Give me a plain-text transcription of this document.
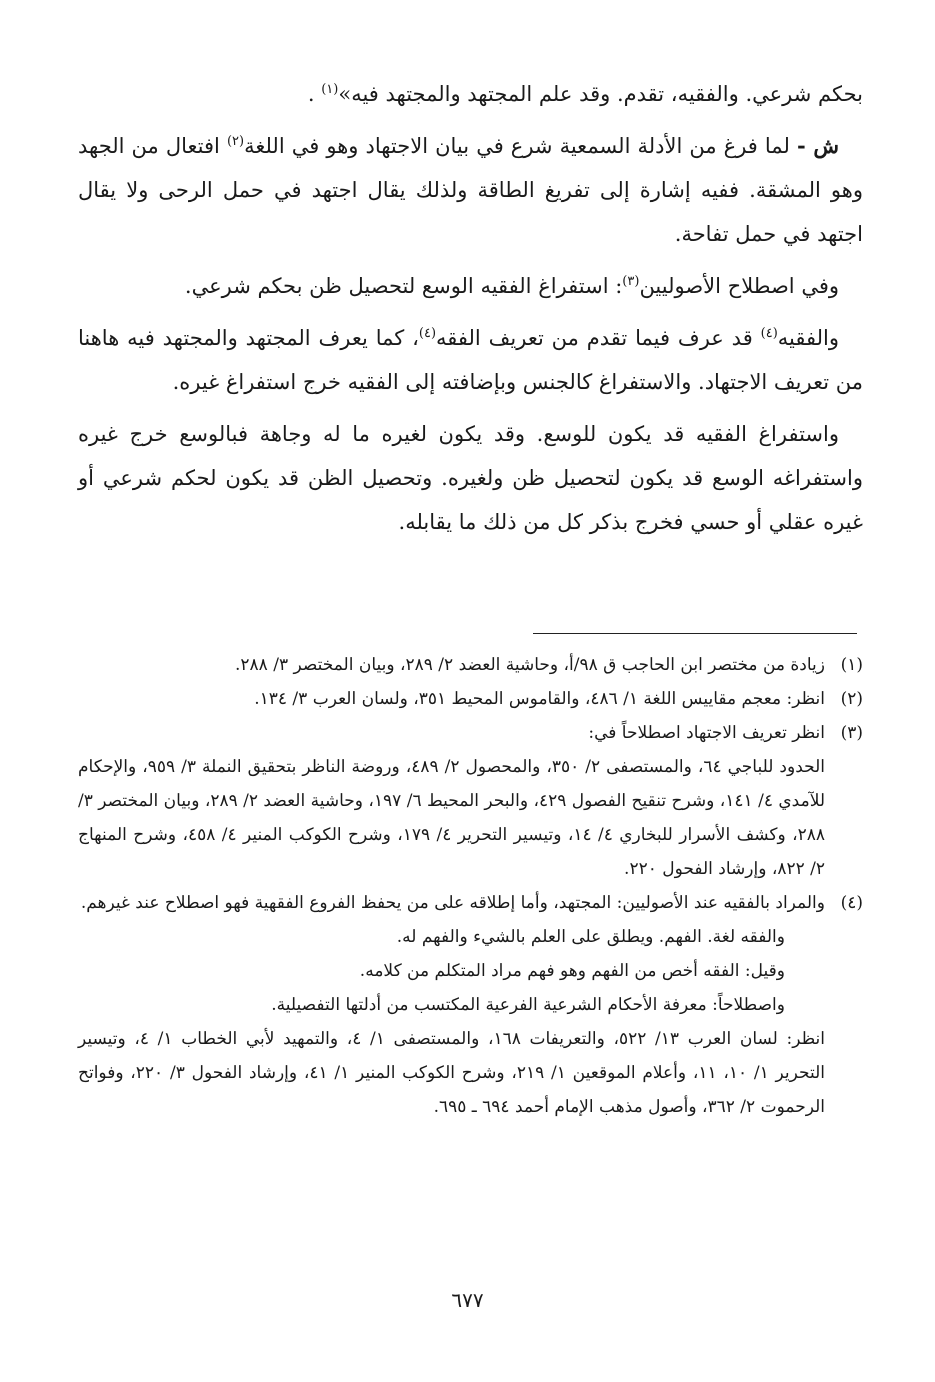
بحكم شرعي. والفقيه، تقدم. وقد علم المجتهد والمجتهد فيه»$^{(١)}$ .

ش - لما فرغ من الأدلة السمعية شرع في بيان الاجتهاد وهو في اللغة$^{(٢)}$ افتعال من الجهد وهو المشقة. ففيه إشارة إلى تفريغ الطاقة ولذلك يقال اجتهد في حمل الرحى ولا يقال اجتهد في حمل تفاحة.

وفي اصطلاح الأصوليين$^{(٣)}$: استفراغ الفقيه الوسع لتحصيل ظن بحكم شرعي.

والفقيه$^{(٤)}$ قد عرف فيما تقدم من تعريف الفقه$^{(٤)}$، كما يعرف المجتهد والمجتهد فيه هاهنا من تعريف الاجتهاد. والاستفراغ كالجنس وبإضافته إلى الفقيه خرج استفراغ غيره.

واستفراغ الفقيه قد يكون للوسع. وقد يكون لغيره ما له وجاهة فبالوسع خرج غيره واستفراغه الوسع قد يكون لتحصيل ظن ولغيره. وتحصيل الظن قد يكون لحكم شرعي أو غيره عقلي أو حسي فخرج بذكر كل من ذلك ما يقابله.

(١)
زيادة من مختصر ابن الحاجب ق ٩٨/أ، وحاشية العضد ٢/ ٢٨٩، وبيان المختصر ٣/ ٢٨٨.
(٢)
انظر: معجم مقاييس اللغة ١/ ٤٨٦، والقاموس المحيط ٣٥١، ولسان العرب ٣/ ١٣٤.
(٣)
انظر تعريف الاجتهاد اصطلاحاً في:
الحدود للباجي ٦٤، والمستصفى ٢/ ٣٥٠، والمحصول ٢/ ٤٨٩، وروضة الناظر بتحقيق النملة ٣/ ٩٥٩، والإحكام للآمدي ٤/ ١٤١، وشرح تنقيح الفصول ٤٢٩، والبحر المحيط ٦/ ١٩٧، وحاشية العضد ٢/ ٢٨٩، وبيان المختصر ٣/ ٢٨٨، وكشف الأسرار للبخاري ٤/ ١٤، وتيسير التحرير ٤/ ١٧٩، وشرح الكوكب المنير ٤/ ٤٥٨، وشرح المنهاج ٢/ ٨٢٢، وإرشاد الفحول ٢٢٠.
(٤)
والمراد بالفقيه عند الأصوليين: المجتهد، وأما إطلاقه على من يحفظ الفروع الفقهية فهو اصطلاح عند غيرهم.
والفقه لغة. الفهم. ويطلق على العلم بالشيء والفهم له.
وقيل: الفقه أخص من الفهم وهو فهم مراد المتكلم من كلامه.
واصطلاحاً: معرفة الأحكام الشرعية الفرعية المكتسب من أدلتها التفصيلية.
انظر: لسان العرب ١٣/ ٥٢٢، والتعريفات ١٦٨، والمستصفى ١/ ٤، والتمهيد لأبي الخطاب ١/ ٤، وتيسير التحرير ١/ ١٠، ١١، وأعلام الموقعين ١/ ٢١٩، وشرح الكوكب المنير ١/ ٤١، وإرشاد الفحول ٣/ ٢٢٠، وفواتح الرحموت ٢/ ٣٦٢، وأصول مذهب الإمام أحمد ٦٩٤ ـ ٦٩٥.
٦٧٧
